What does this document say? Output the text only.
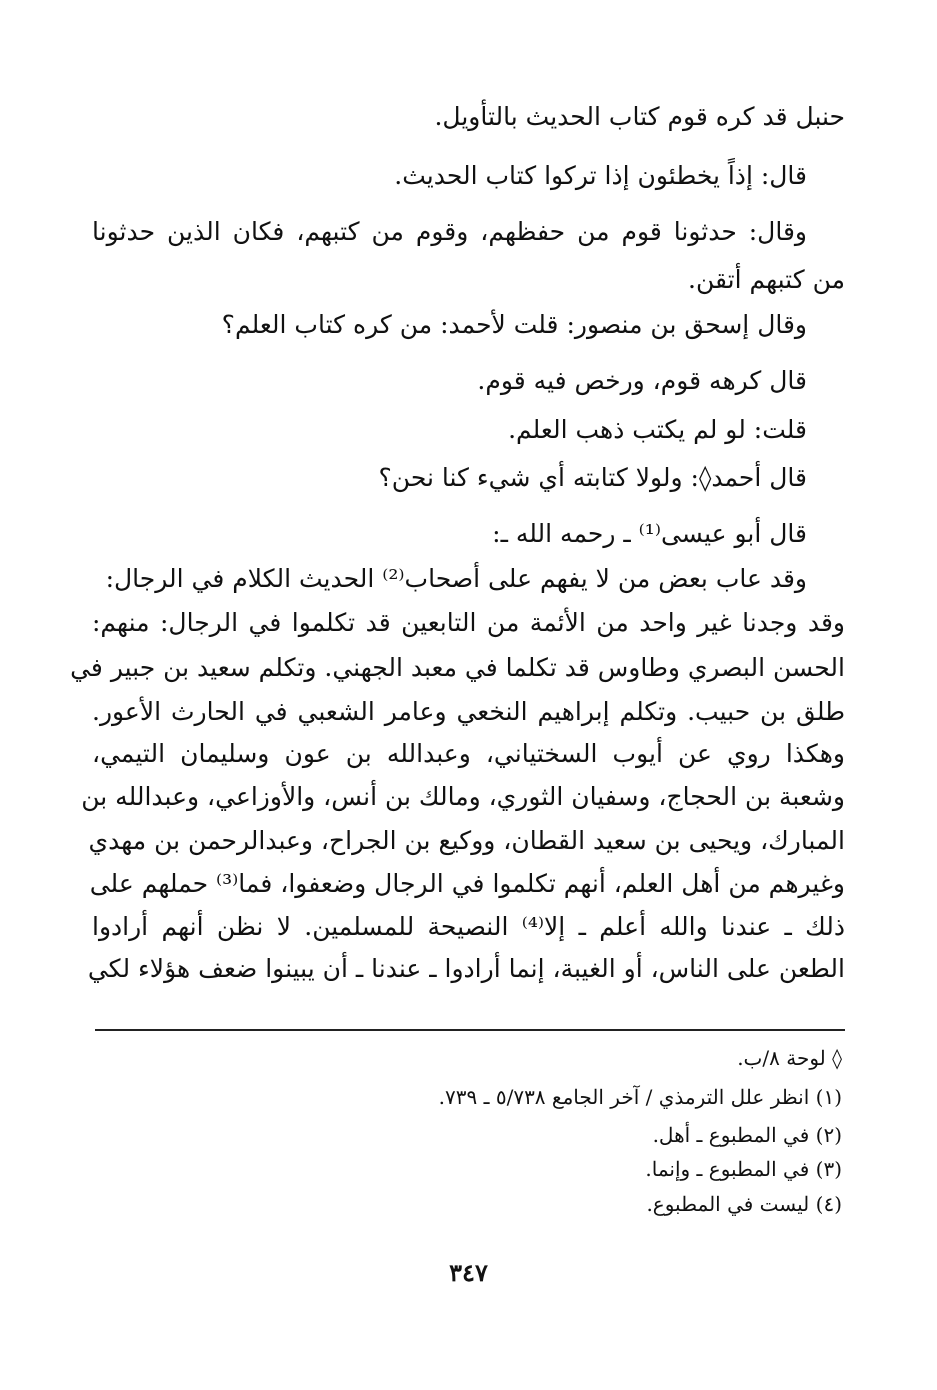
حنبل قد كره قوم كتاب الحديث بالتأويل.
قال: إذاً يخطئون إذا تركوا كتاب الحديث.
وقال: حدثونا قوم من حفظهم، وقوم من كتبهم، فكان الذين حدثونا
من كتبهم أتقن.
وقال إسحق بن منصور: قلت لأحمد: من كره كتاب العلم؟
قال كرهه قوم، ورخص فيه قوم.
قلت: لو لم يكتب ذهب العلم.
قال أحمد◊: ولولا كتابته أي شيء كنا نحن؟
قال أبو عيسى⁽¹⁾ ـ رحمه الله ـ:
وقد عاب بعض من لا يفهم على أصحاب⁽²⁾ الحديث الكلام في الرجال:
وقد وجدنا غير واحد من الأئمة من التابعين قد تكلموا في الرجال: منهم:
الحسن البصري وطاوس قد تكلما في معبد الجهني. وتكلم سعيد بن جبير في
طلق بن حبيب. وتكلم إبراهيم النخعي وعامر الشعبي في الحارث الأعور.
وهكذا روي عن أيوب السختياني، وعبدالله بن عون وسليمان التيمي،
وشعبة بن الحجاج، وسفيان الثوري، ومالك بن أنس، والأوزاعي، وعبدالله بن
المبارك، ويحيى بن سعيد القطان، ووكيع بن الجراح، وعبدالرحمن بن مهدي
وغيرهم من أهل العلم، أنهم تكلموا في الرجال وضعفوا، فما⁽³⁾ حملهم على
ذلك ـ عندنا والله أعلم ـ إلا⁽⁴⁾ النصيحة للمسلمين. لا نظن أنهم أرادوا
الطعن على الناس، أو الغيبة، إنما أرادوا ـ عندنا ـ أن يبينوا ضعف هؤلاء لكي
◊ لوحة ٨/ب.
(١) انظر علل الترمذي / آخر الجامع ٥/٧٣٨ ـ ٧٣٩.
(٢) في المطبوع ـ أهل.
(٣) في المطبوع ـ وإنما.
(٤) ليست في المطبوع.
٣٤٧
